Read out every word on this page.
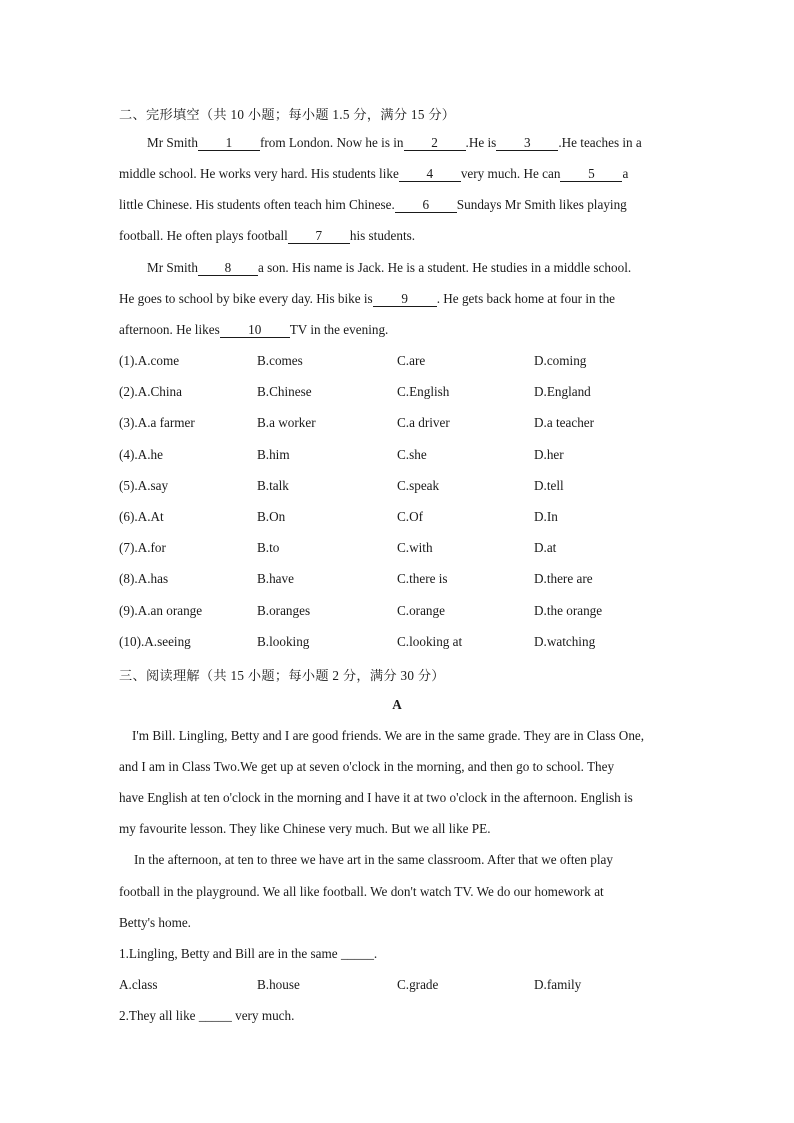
二、完形填空（共 10 小题；每小题 1.5 分，满分 15 分）
Mr Smith 1 from London. Now he is in 2 .He is 3 .He teaches in a
middle school. He works very hard. His students like 4 very much. He can 5 a
little Chinese. His students often teach him Chinese. 6 Sundays Mr Smith likes playing
football. He often plays football 7 his students.
Mr Smith 8 a son. His name is Jack. He is a student. He studies in a middle school.
He goes to school by bike every day. His bike is 9 . He gets back home at four in the
afternoon. He likes 10 TV in the evening.
(1).A.come	B.comes	C.are	D.coming
(2).A.China	B.Chinese	C.English	D.England
(3).A.a farmer	B.a worker	C.a driver	D.a teacher
(4).A.he	B.him	C.she	D.her
(5).A.say	B.talk	C.speak	D.tell
(6).A.At	B.On	C.Of	D.In
(7).A.for	B.to	C.with	D.at
(8).A.has	B.have	C.there is	D.there are
(9).A.an orange	B.oranges	C.orange	D.the orange
(10).A.seeing	B.looking	C.looking at	D.watching
三、阅读理解（共 15 小题；每小题 2 分，满分 30 分）
A
I'm Bill. Lingling, Betty and I are good friends. We are in the same grade. They are in Class One,
and I am in Class Two.We get up at seven o'clock in the morning, and then go to school. They
have English at ten o'clock in the morning and I have it at two o'clock in the afternoon. English is
my favourite lesson. They like Chinese very much. But we all like PE.
In the afternoon, at ten to three we have art in the same classroom. After that we often play
football in the playground. We all like football. We don't watch TV. We do our homework at
Betty's home.
1.Lingling, Betty and Bill are in the same _____.
A.class	B.house	C.grade	D.family
2.They all like _____ very much.
